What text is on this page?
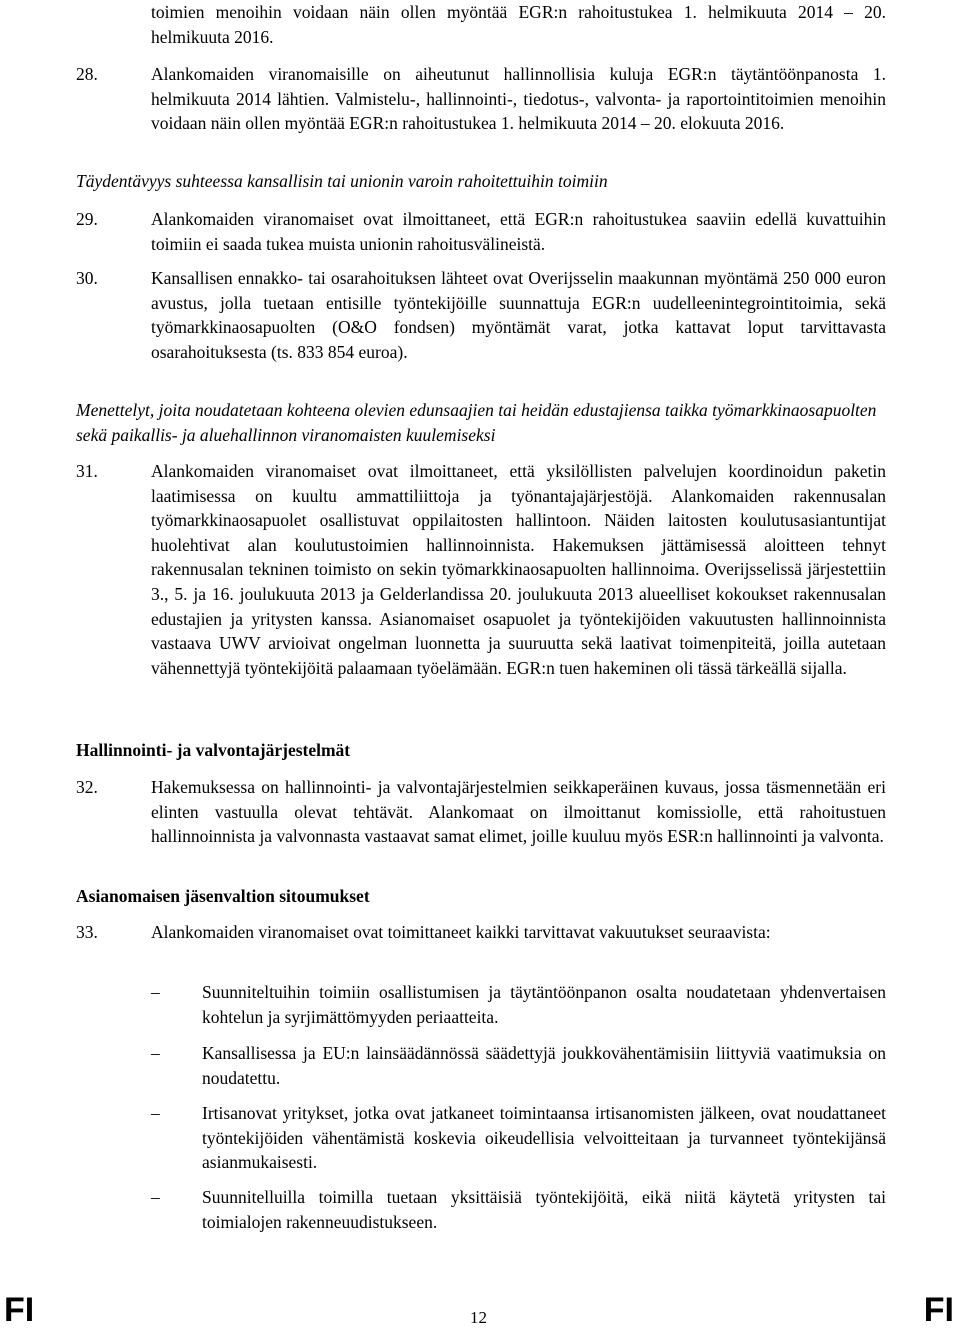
toimien menoihin voidaan näin ollen myöntää EGR:n rahoitustukea 1. helmikuuta 2014 – 20. helmikuuta 2016.
28.	Alankomaiden viranomaisille on aiheutunut hallinnollisia kuluja EGR:n täytäntöönpanosta 1. helmikuuta 2014 lähtien. Valmistelu-, hallinnointi-, tiedotus-, valvonta- ja raportointitoimien menoihin voidaan näin ollen myöntää EGR:n rahoitustukea 1. helmikuuta 2014 – 20. elokuuta 2016.
Täydentävyys suhteessa kansallisin tai unionin varoin rahoitettuihin toimiin
29.	Alankomaiden viranomaiset ovat ilmoittaneet, että EGR:n rahoitustukea saaviin edellä kuvattuihin toimiin ei saada tukea muista unionin rahoitusvälineistä.
30.	Kansallisen ennakko- tai osarahoituksen lähteet ovat Overijsselin maakunnan myöntämä 250 000 euron avustus, jolla tuetaan entisille työntekijöille suunnattuja EGR:n uudelleenintegrointitoimia, sekä työmarkkinaosapuolten (O&O fondsen) myöntämät varat, jotka kattavat loput tarvittavasta osarahoituksesta (ts. 833 854 euroa).
Menettelyt, joita noudatetaan kohteena olevien edunsaajien tai heidän edustajiensa taikka työmarkkinaosapuolten sekä paikallis- ja aluehallinnon viranomaisten kuulemiseksi
31.	Alankomaiden viranomaiset ovat ilmoittaneet, että yksilöllisten palvelujen koordinoidun paketin laatimisessa on kuultu ammattiliittoja ja työnantajajärjestöjä. Alankomaiden rakennusalan työmarkkinaosapuolet osallistuvat oppilaitosten hallintoon. Näiden laitosten koulutusasiantuntijat huolehtivat alan koulutustoimien hallinnoinnista. Hakemuksen jättämisessä aloitteen tehnyt rakennusalan tekninen toimisto on sekin työmarkkinaosapuolten hallinnoima. Overijsselissä järjestettiin 3., 5. ja 16. joulukuuta 2013 ja Gelderlandissa 20. joulukuuta 2013 alueelliset kokoukset rakennusalan edustajien ja yritysten kanssa. Asianomaiset osapuolet ja työntekijöiden vakuutusten hallinnoinnista vastaava UWV arvioivat ongelman luonnetta ja suuruutta sekä laativat toimenpiteitä, joilla autetaan vähennettyjä työntekijöitä palaamaan työelämään. EGR:n tuen hakeminen oli tässä tärkeällä sijalla.
Hallinnointi- ja valvontajärjestelmät
32.	Hakemuksessa on hallinnointi- ja valvontajärjestelmien seikkaperäinen kuvaus, jossa täsmennetään eri elinten vastuulla olevat tehtävät. Alankomaat on ilmoittanut komissiolle, että rahoitustuen hallinnoinnista ja valvonnasta vastaavat samat elimet, joille kuuluu myös ESR:n hallinnointi ja valvonta.
Asianomaisen jäsenvaltion sitoumukset
33.	Alankomaiden viranomaiset ovat toimittaneet kaikki tarvittavat vakuutukset seuraavista:
– Suunniteltuihin toimiin osallistumisen ja täytäntöönpanon osalta noudatetaan yhdenvertaisen kohtelun ja syrjimättömyyden periaatteita.
– Kansallisessa ja EU:n lainsäädännössä säädettyjä joukkovähentämisiin liittyviä vaatimuksia on noudatettu.
– Irtisanovat yritykset, jotka ovat jatkaneet toimintaansa irtisanomisten jälkeen, ovat noudattaneet työntekijöiden vähentämistä koskevia oikeudellisia velvoitteitaan ja turvanneet työntekijänsä asianmukaisesti.
– Suunnitelluilla toimilla tuetaan yksittäisiä työntekijöitä, eikä niitä käytetä yritysten tai toimialojen rakenneuudistukseen.
FI	12	FI
